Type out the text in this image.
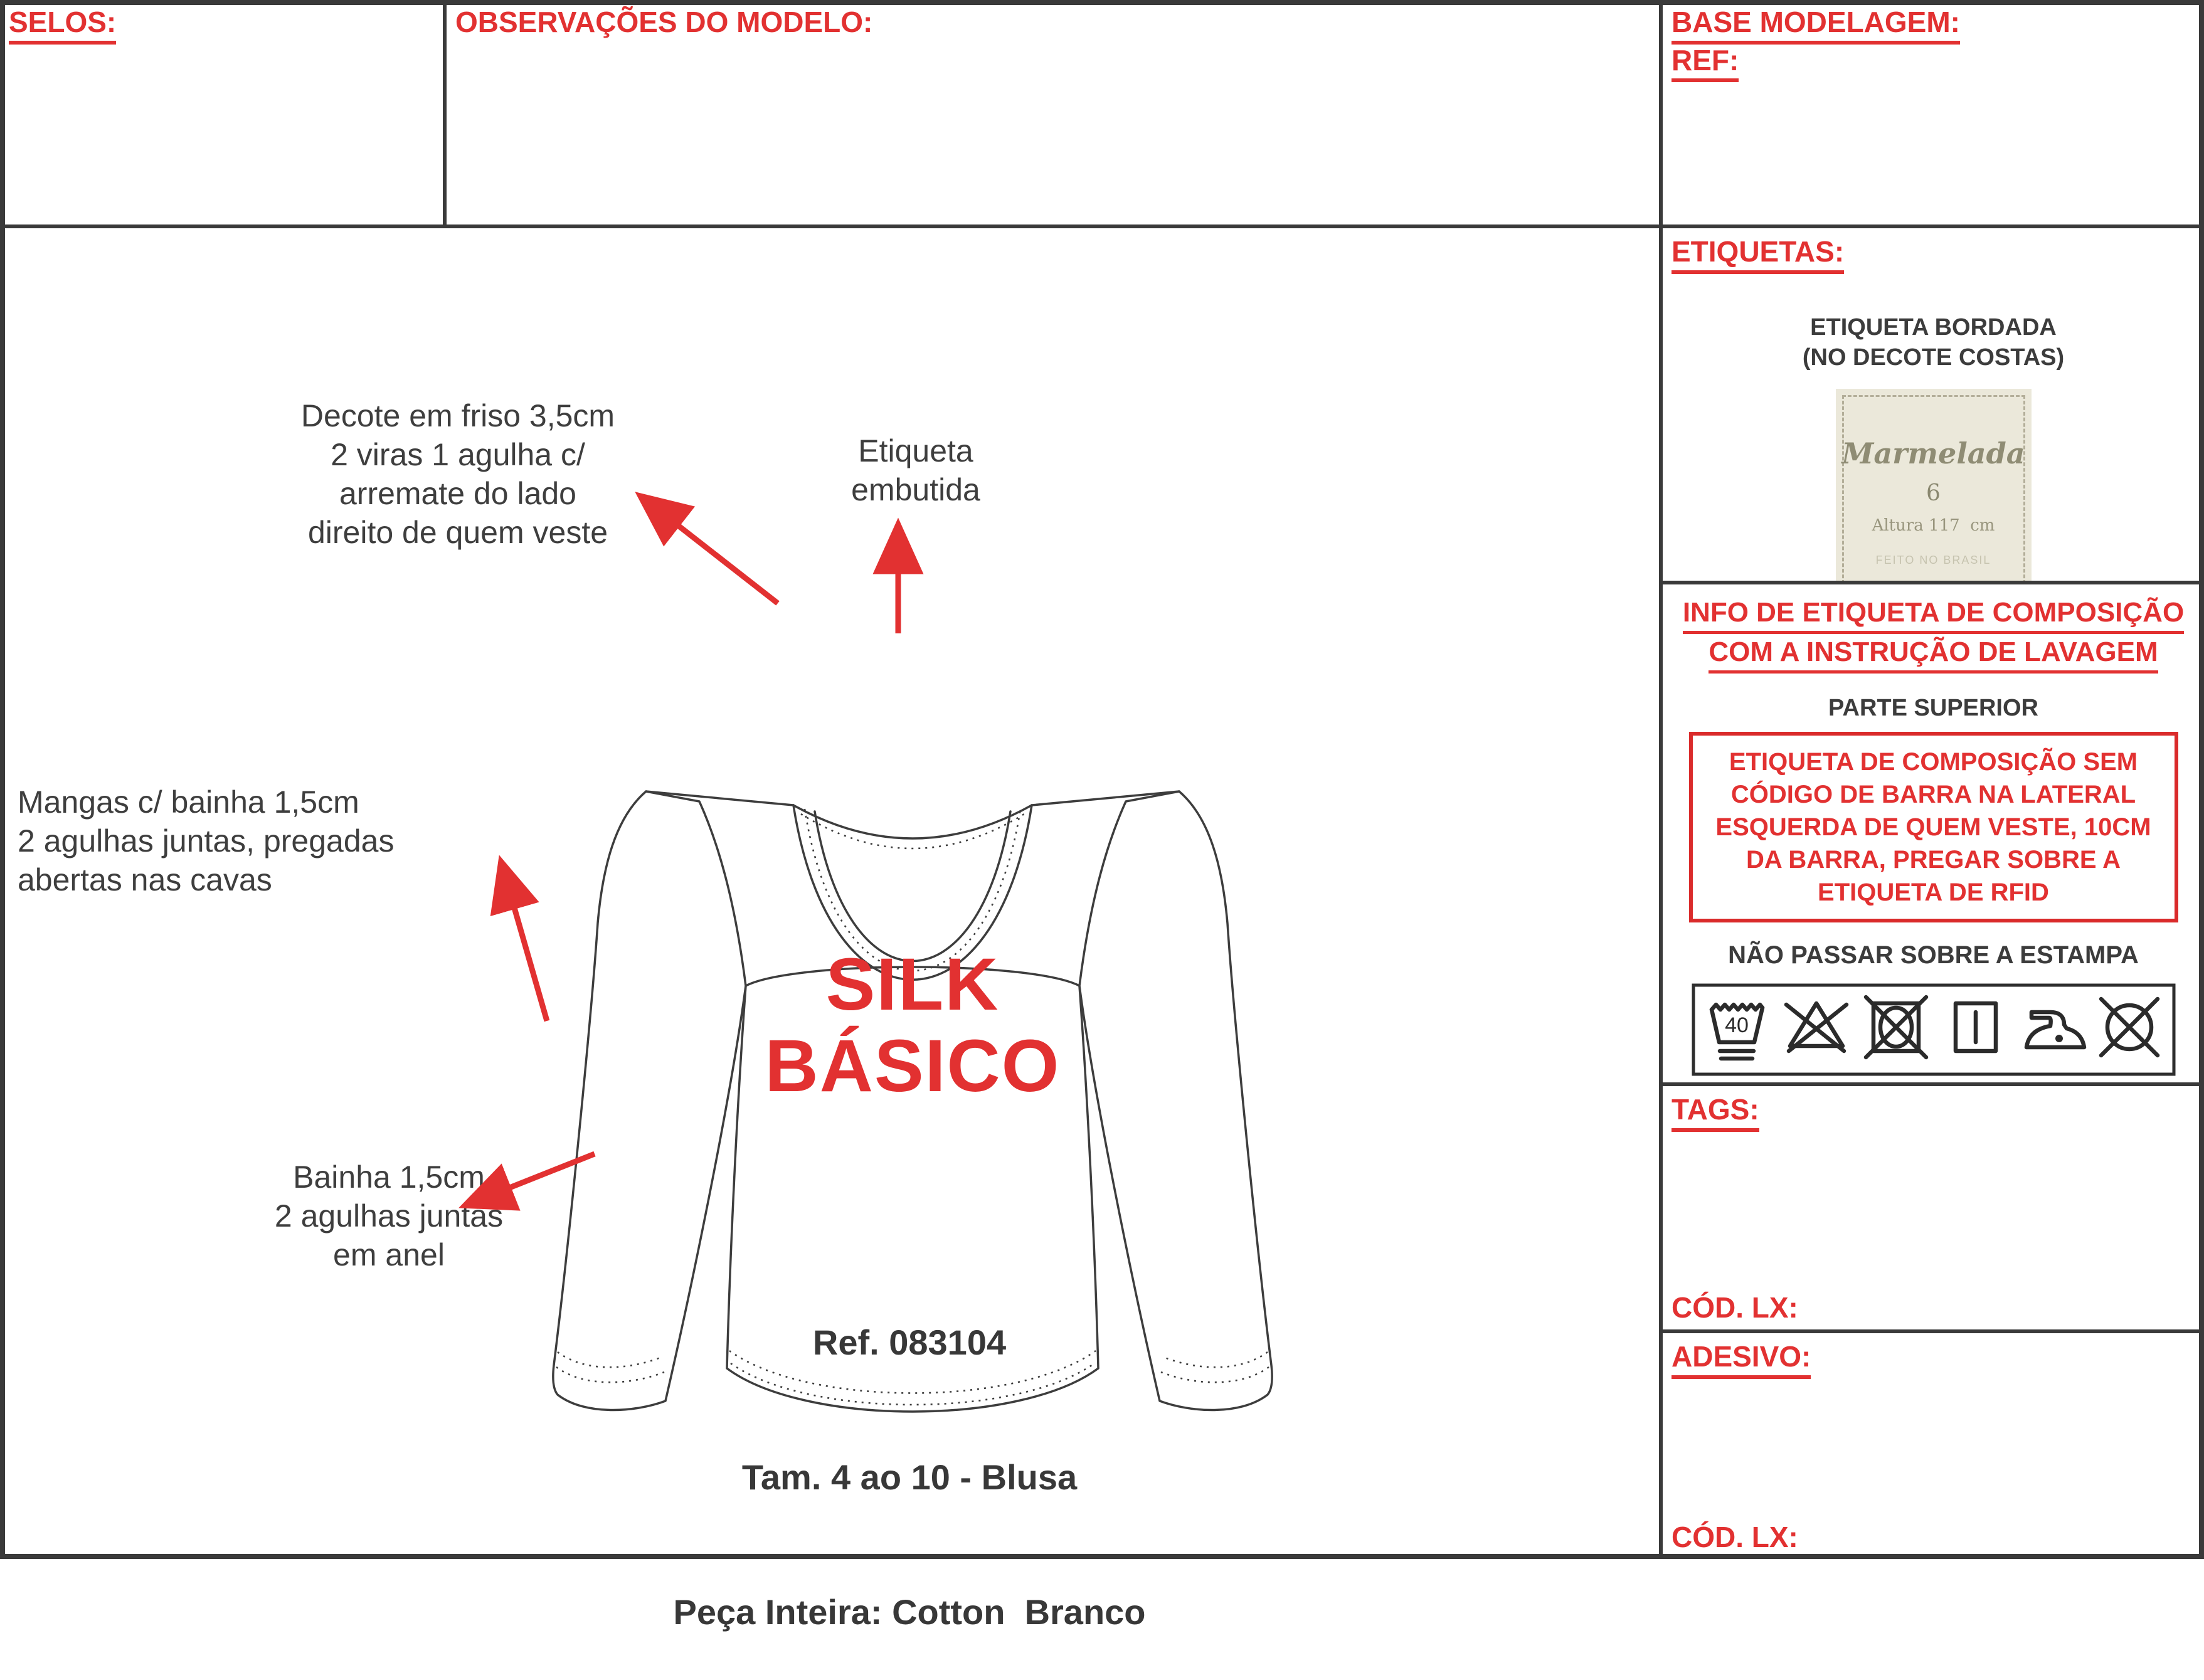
SELOS:	OBSERVAÇÕES DO MODELO:	BASE MODELAGEM:
REF:
SILK
BÁSICO
Decote em friso 3,5cm
2 viras 1 agulha c/
arremate do lado
direito de quem veste
Etiqueta
embutida
Mangas c/ bainha 1,5cm
2 agulhas juntas, pregadas
abertas nas cavas
Bainha 1,5cm
2 agulhas juntas
em anel

Ref. 083104

Tam. 4 ao 10 - Blusa

Peça Inteira: Cotton  Branco

ETIQUETAS:
ETIQUETA BORDADA
(NO DECOTE COSTAS)
Marmelada
6
Altura 117  cm
FEITO NO BRASIL
INFO DE ETIQUETA DE COMPOSIÇÃO
COM A INSTRUÇÃO DE LAVAGEM
PARTE SUPERIOR
ETIQUETA DE COMPOSIÇÃO SEM CÓDIGO DE BARRA NA LATERAL ESQUERDA DE QUEM VESTE, 10CM DA BARRA, PREGAR SOBRE A ETIQUETA DE RFID
NÃO PASSAR SOBRE A ESTAMPA
40
TAGS:
CÓD. LX:
ADESIVO:
CÓD. LX:
